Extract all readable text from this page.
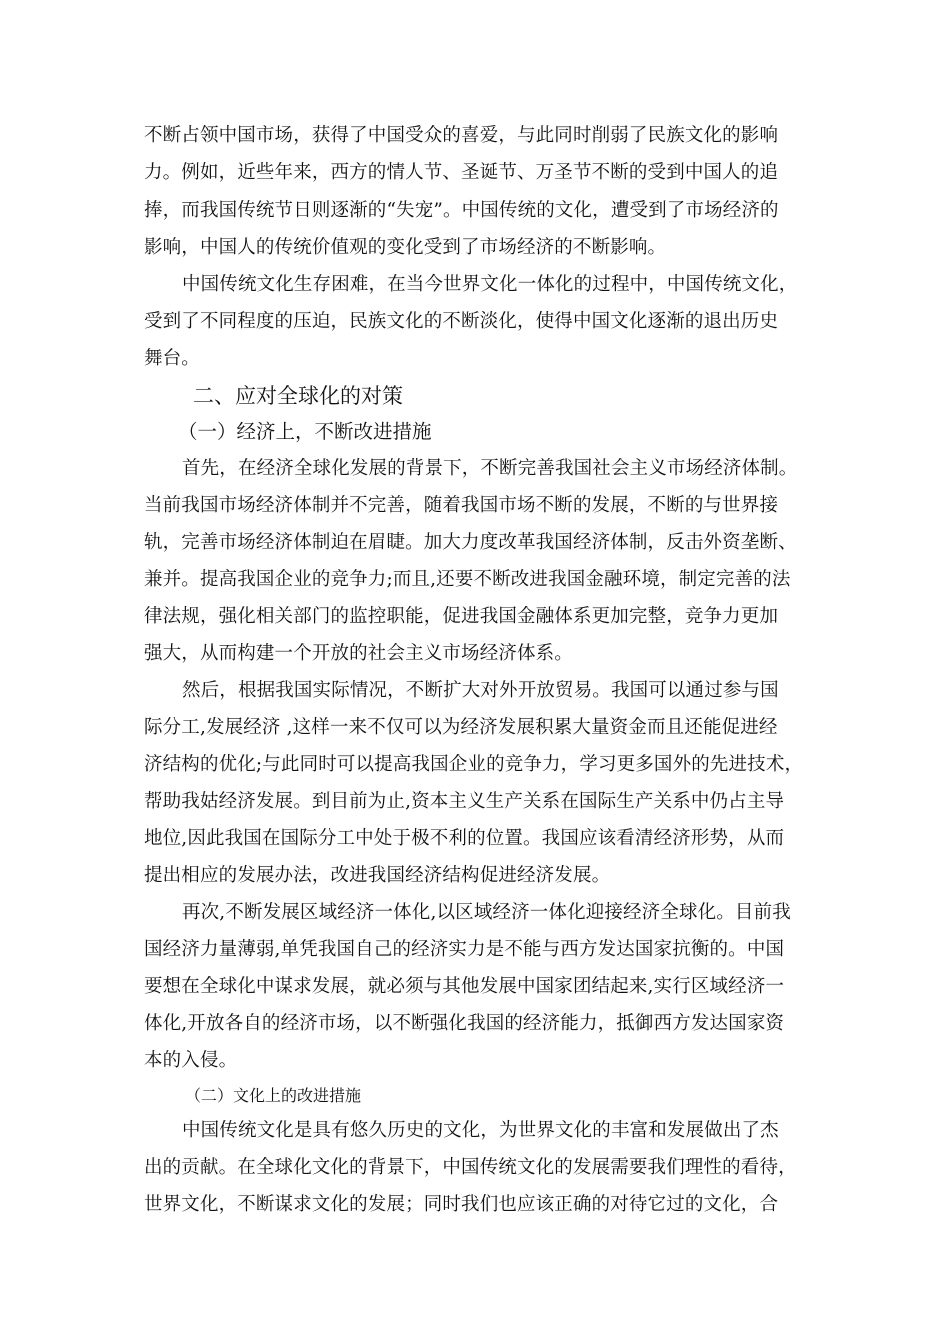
不断占领中国市场，获得了中国受众的喜爱，与此同时削弱了民族文化的影响
力。例如，近些年来，西方的情人节、圣诞节、万圣节不断的受到中国人的追
捧，而我国传统节日则逐渐的“失宠”。中国传统的文化，遭受到了市场经济的
影响，中国人的传统价值观的变化受到了市场经济的不断影响。
中国传统文化生存困难，在当今世界文化一体化的过程中，中国传统文化，
受到了不同程度的压迫，民族文化的不断淡化，使得中国文化逐渐的退出历史
舞台。
二、应对全球化的对策
（一）经济上，不断改进措施
首先，在经济全球化发展的背景下，不断完善我国社会主义市场经济体制。
当前我国市场经济体制并不完善，随着我国市场不断的发展，不断的与世界接
轨，完善市场经济体制迫在眉睫。加大力度改革我国经济体制，反击外资垄断、
兼并。提高我国企业的竞争力;而且,还要不断改进我国金融环境，制定完善的法
律法规，强化相关部门的监控职能，促进我国金融体系更加完整，竞争力更加
强大，从而构建一个开放的社会主义市场经济体系。
然后，根据我国实际情况，不断扩大对外开放贸易。我国可以通过参与国
际分工,发展经济 ,这样一来不仅可以为经济发展积累大量资金而且还能促进经
济结构的优化;与此同时可以提高我国企业的竞争力，学习更多国外的先进技术，
帮助我姑经济发展。到目前为止,资本主义生产关系在国际生产关系中仍占主导
地位,因此我国在国际分工中处于极不利的位置。我国应该看清经济形势，从而
提出相应的发展办法，改进我国经济结构促进经济发展。
再次,不断发展区域经济一体化,以区域经济一体化迎接经济全球化。目前我
国经济力量薄弱,单凭我国自己的经济实力是不能与西方发达国家抗衡的。中国
要想在全球化中谋求发展，就必须与其他发展中国家团结起来,实行区域经济一
体化,开放各自的经济市场，以不断强化我国的经济能力，抵御西方发达国家资
本的入侵。
（二）文化上的改进措施
中国传统文化是具有悠久历史的文化，为世界文化的丰富和发展做出了杰
出的贡献。在全球化文化的背景下，中国传统文化的发展需要我们理性的看待，
世界文化，不断谋求文化的发展；同时我们也应该正确的对待它过的文化，合
